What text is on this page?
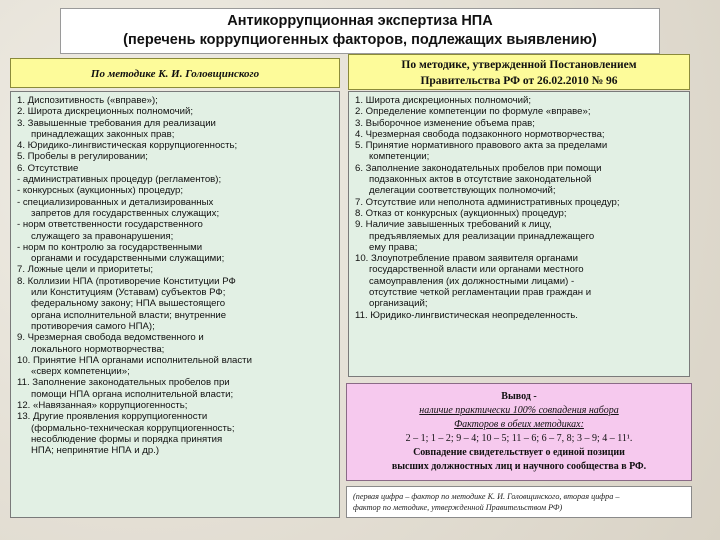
Антикоррупционная экспертиза НПА
(перечень коррупциогенных факторов, подлежащих выявлению)
По методике К. И. Головщинского
По методике, утвержденной Постановлением
Правительства РФ от 26.02.2010 № 96
1. Диспозитивность («вправе»);
2. Широта дискреционных полномочий;
3. Завышенные требования для реализации
принадлежащих законных прав;
4. Юридико-лингвистическая коррупциогенность;
5. Пробелы в регулировании;
6. Отсутствие
- административных процедур (регламентов);
- конкурсных (аукционных) процедур;
- специализированных и детализированных
запретов для государственных служащих;
- норм ответственности государственного
служащего за правонарушения;
- норм по контролю за государственными
органами и государственными служащими;
7. Ложные цели и приоритеты;
8. Коллизии НПА (противоречие Конституции РФ
или Конституциям (Уставам) субъектов РФ;
федеральному закону; НПА вышестоящего
органа исполнительной власти; внутренние
противоречия самого НПА);
9. Чрезмерная свобода ведомственного и
локального нормотворчества;
10. Принятие НПА органами исполнительной власти
«сверх компетенции»;
11. Заполнение законодательных пробелов при
помощи НПА органа исполнительной власти;
12. «Навязанная» коррупциогенность;
13. Другие проявления коррупциогенности
(формально-техническая коррупциогенность;
несоблюдение формы и порядка принятия
НПА; непринятие НПА и др.)
1. Широта дискреционных полномочий;
2. Определение компетенции по формуле «вправе»;
3. Выборочное изменение объема прав;
4. Чрезмерная свобода подзаконного нормотворчества;
5. Принятие нормативного правового акта за пределами
компетенции;
6. Заполнение законодательных пробелов при помощи
подзаконных актов в отсутствие законодательной
делегации соответствующих полномочий;
7. Отсутствие или неполнота административных процедур;
8. Отказ от конкурсных (аукционных) процедур;
9. Наличие завышенных требований к лицу,
предъявляемых для реализации принадлежащего
ему права;
10. Злоупотребление правом заявителя органами
государственной власти или органами местного
самоуправления (их должностными лицами) -
отсутствие четкой регламентации прав граждан и
организаций;
11. Юридико-лингвистическая неопределенность.
Вывод -
наличие практически 100% совпадения набора
Факторов в обеих методиках:
2 – 1; 1 – 2; 9 – 4; 10 – 5; 11 – 6; 6 – 7, 8; 3 – 9; 4 – 11¹.
Совпадение свидетельствует о единой позиции
высших должностных лиц и научного сообщества в РФ.
(первая цифра – фактор по методике К. И. Головщинского, вторая цифра –
фактор по методике, утвержденной Правительством РФ)
